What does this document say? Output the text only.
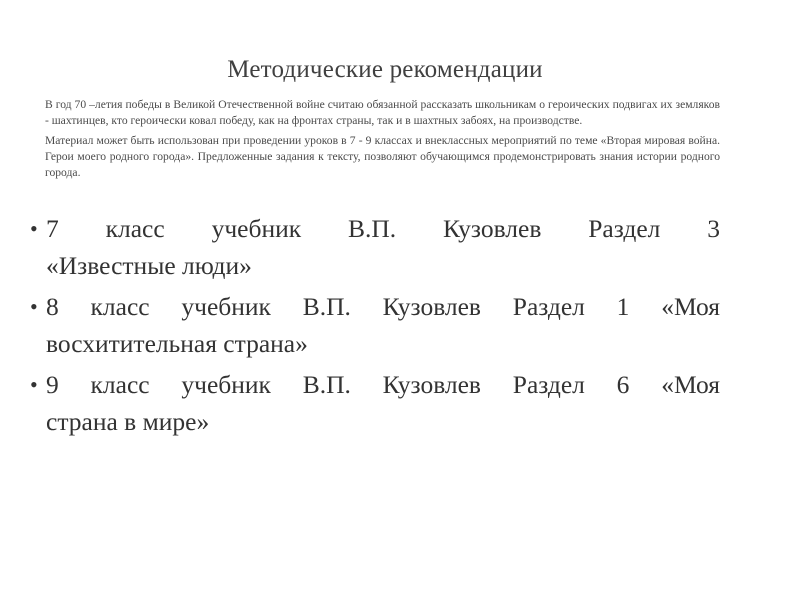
Методические рекомендации

В год 70 –летия победы в Великой Отечественной войне считаю обязанной рассказать школьникам о героических подвигах их земляков - шахтинцев, кто героически ковал победу, как на фронтах страны, так и в шахтных забоях, на производстве.

Материал может быть использован при проведении уроков в 7 - 9 классах и внеклассных мероприятий по теме «Вторая мировая война. Герои моего родного города». Предложенные задания к тексту, позволяют обучающимся продемонстрировать знания истории родного города.

• 7 класс учебник В.П. Кузовлев Раздел 3
«Известные люди»
• 8 класс учебник В.П. Кузовлев Раздел 1 «Моя
восхитительная страна»
• 9 класс учебник В.П. Кузовлев Раздел 6 «Моя
страна в мире»
